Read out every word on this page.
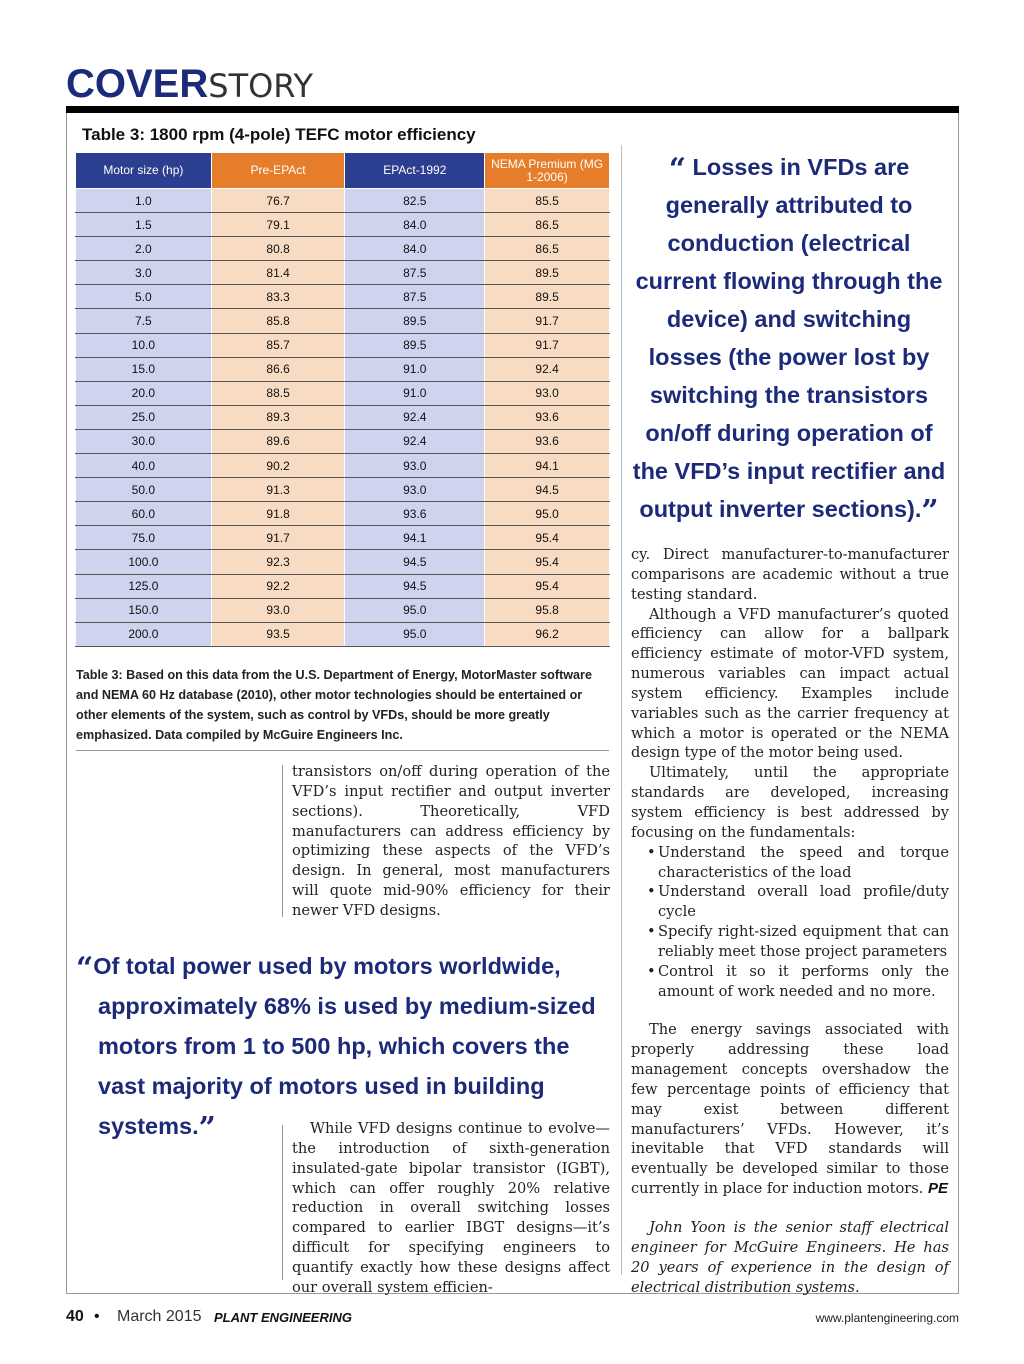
COVERSTORY
Table 3: 1800 rpm (4-pole) TEFC motor efficiency
Motor size (hp)	Pre-EPAct	EPAct-1992	NEMA Premium (MG 1-2006)
1.0	76.7	82.5	85.5
1.5	79.1	84.0	86.5
2.0	80.8	84.0	86.5
3.0	81.4	87.5	89.5
5.0	83.3	87.5	89.5
7.5	85.8	89.5	91.7
10.0	85.7	89.5	91.7
15.0	86.6	91.0	92.4
20.0	88.5	91.0	93.0
25.0	89.3	92.4	93.6
30.0	89.6	92.4	93.6
40.0	90.2	93.0	94.1
50.0	91.3	93.0	94.5
60.0	91.8	93.6	95.0
75.0	91.7	94.1	95.4
100.0	92.3	94.5	95.4
125.0	92.2	94.5	95.4
150.0	93.0	95.0	95.8
200.0	93.5	95.0	96.2
Table 3: Based on this data from the U.S. Department of Energy, MotorMaster software and NEMA 60 Hz database (2010), other motor technologies should be entertained or other elements of the system, such as control by VFDs, should be more greatly emphasized. Data compiled by McGuire Engineers Inc.
“ Losses in VFDs are generally attributed to conduction (electrical current flowing through the device) and switching losses (the power lost by switching the transistors on/off during operation of the VFD’s input rectifier and output inverter sections).”

transistors on/off during operation of the VFD’s input rectifier and output inverter sections). Theoretically, VFD manufacturers can address efficiency by optimizing these aspects of the VFD’s design. In general, most manufacturers will quote mid-90% efficiency for their newer VFD designs.

“Of total power used by motors worldwide, approximately 68% is used by medium-sized motors from 1 to 500 hp, which covers the vast majority of motors used in building systems.”	While VFD designs continue to evolve—the introduction of sixth-generation insulated-gate bipolar transistor (IGBT), which can offer roughly 20% relative reduction in overall switching losses compared to earlier IBGT designs—it’s difficult for specifying engineers to quantify exactly how these designs affect our overall system efficien-

cy. Direct manufacturer-to-manufacturer comparisons are academic without a true testing standard.

Although a VFD manufacturer’s quoted efficiency can allow for a ballpark efficiency estimate of motor-VFD system, numerous variables can impact actual system efficiency. Examples include variables such as the carrier frequency at which a motor is operated or the NEMA design type of the motor being used.

Ultimately, until the appropriate standards are developed, increasing system efficiency is best addressed by focusing on the fundamentals:

• Understand the speed and torque characteristics of the load
• Understand overall load profile/duty cycle
• Specify right-sized equipment that can reliably meet those project parameters
• Control it so it performs only the amount of work needed and no more.

The energy savings associated with properly addressing these load management concepts overshadow the few percentage points of efficiency that may exist between different manufacturers’ VFDs. However, it’s inevitable that VFD standards will eventually be developed similar to those currently in place for induction motors. PE

John Yoon is the senior staff electrical engineer for McGuire Engineers. He has 20 years of experience in the design of electrical distribution systems.

40 • March 2015 PLANT ENGINEERING	www.plantengineering.com
